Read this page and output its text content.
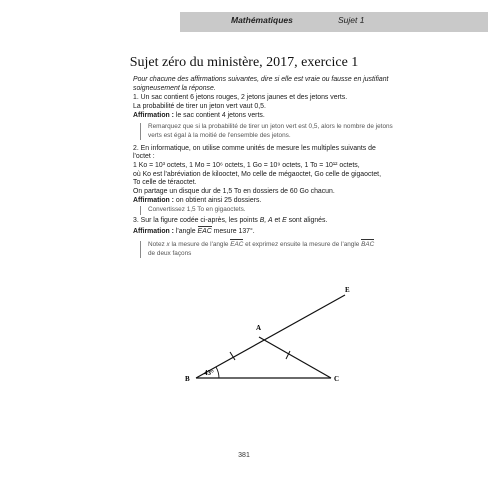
Mathématiques	Sujet 1
Sujet zéro du ministère, 2017, exercice 1
Pour chacune des affirmations suivantes, dire si elle est vraie ou fausse en justifiant
soigneusement la réponse.
1. Un sac contient 6 jetons rouges, 2 jetons jaunes et des jetons verts.
La probabilité de tirer un jeton vert vaut 0,5.
Affirmation : le sac contient 4 jetons verts.
Remarquez que si la probabilité de tirer un jeton vert est 0,5, alors le nombre de jetons
verts est égal à la moitié de l'ensemble des jetons.
2. En informatique, on utilise comme unités de mesure les multiples suivants de
l'octet :
1 Ko = 10³ octets, 1 Mo = 10⁶ octets, 1 Go = 10⁹ octets, 1 To = 10¹² octets,
où Ko est l'abréviation de kilooctet, Mo celle de mégaoctet, Go celle de gigaoctet,
To celle de téraoctet.
On partage un disque dur de 1,5 To en dossiers de 60 Go chacun.
Affirmation : on obtient ainsi 25 dossiers.
Convertissez 1,5 To en gigaoctets.
3. Sur la figure codée ci-après, les points B, A et E sont alignés.
Affirmation : l'angle EAC mesure 137°.
Notez x la mesure de l'angle EAC et exprimez ensuite la mesure de l'angle BAC
de deux façons
43°
E
A
B	C
381
